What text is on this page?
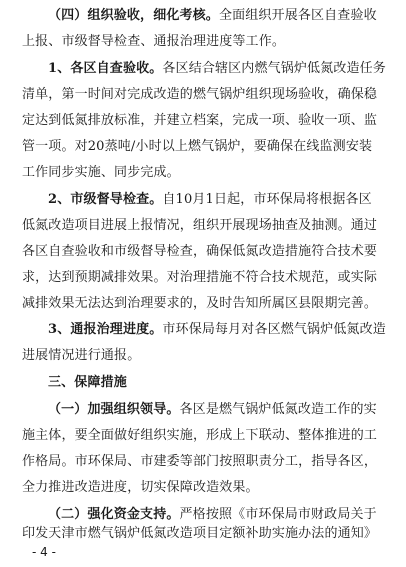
（四）组织验收，细化考核。全面组织开展各区自查验收
上报、市级督导检查、通报治理进度等工作。
1、各区自查验收。各区结合辖区内燃气锅炉低氮改造任务
清单，第一时间对完成改造的燃气锅炉组织现场验收，确保稳
定达到低氮排放标准，并建立档案，完成一项、验收一项、监
管一项。对20蒸吨/小时以上燃气锅炉，要确保在线监测安装
工作同步实施、同步完成。
2、市级督导检查。自10月1日起，市环保局将根据各区
低氮改造项目进展上报情况，组织开展现场抽查及抽测。通过
各区自查验收和市级督导检查，确保低氮改造措施符合技术要
求，达到预期减排效果。对治理措施不符合技术规范，或实际
减排效果无法达到治理要求的，及时告知所属区县限期完善。
3、通报治理进度。市环保局每月对各区燃气锅炉低氮改造
进展情况进行通报。
三、保障措施
（一）加强组织领导。各区是燃气锅炉低氮改造工作的实
施主体，要全面做好组织实施，形成上下联动、整体推进的工
作格局。市环保局、市建委等部门按照职责分工，指导各区，
全力推进改造进度，切实保障改造效果。
（二）强化资金支持。严格按照《市环保局市财政局关于
印发天津市燃气锅炉低氮改造项目定额补助实施办法的通知》
- 4 -
